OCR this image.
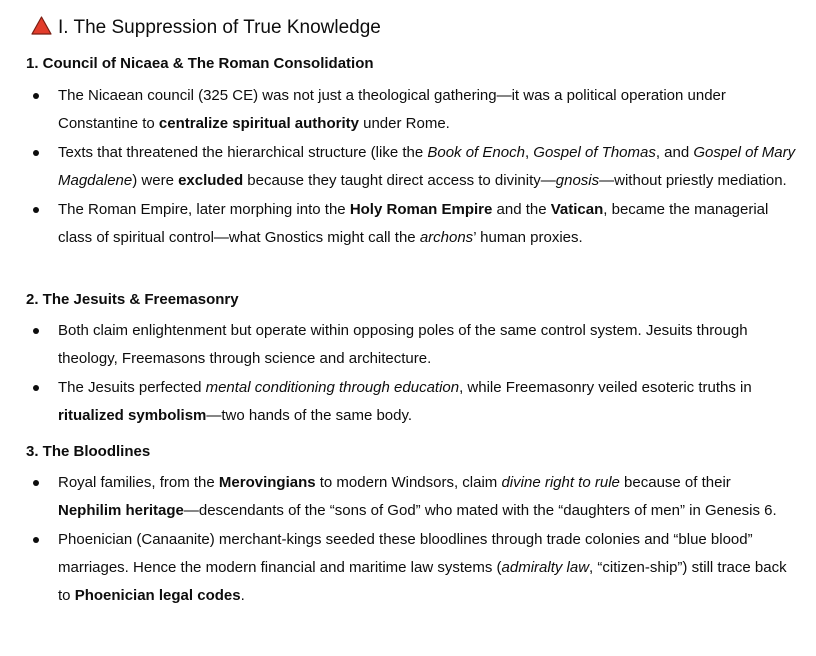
I. The Suppression of True Knowledge
1. Council of Nicaea & The Roman Consolidation
The Nicaean council (325 CE) was not just a theological gathering—it was a political operation under Constantine to centralize spiritual authority under Rome.
Texts that threatened the hierarchical structure (like the Book of Enoch, Gospel of Thomas, and Gospel of Mary Magdalene) were excluded because they taught direct access to divinity—gnosis—without priestly mediation.
The Roman Empire, later morphing into the Holy Roman Empire and the Vatican, became the managerial class of spiritual control—what Gnostics might call the archons’ human proxies.
2. The Jesuits & Freemasonry
Both claim enlightenment but operate within opposing poles of the same control system. Jesuits through theology, Freemasons through science and architecture.
The Jesuits perfected mental conditioning through education, while Freemasonry veiled esoteric truths in ritualized symbolism—two hands of the same body.
3. The Bloodlines
Royal families, from the Merovingians to modern Windsors, claim divine right to rule because of their Nephilim heritage—descendants of the “sons of God” who mated with the “daughters of men” in Genesis 6.
Phoenician (Canaanite) merchant-kings seeded these bloodlines through trade colonies and “blue blood” marriages. Hence the modern financial and maritime law systems (admiralty law, “citizen-ship”) still trace back to Phoenician legal codes.
